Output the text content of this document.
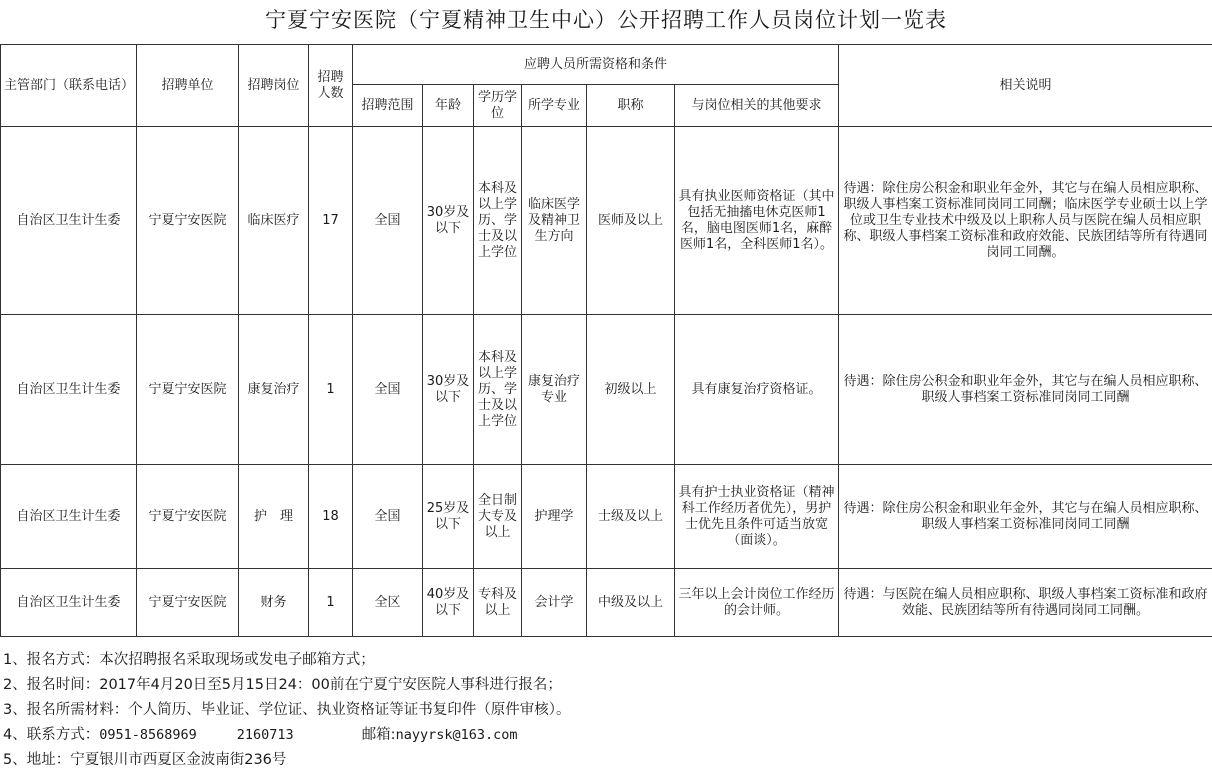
宁夏宁安医院（宁夏精神卫生中心）公开招聘工作人员岗位计划一览表
主管部门（联系电话）	招聘单位	招聘岗位	招聘人数	应聘人员所需资格和条件						相关说明
				招聘范围	年龄	学历学位	所学专业	职称	与岗位相关的其他要求	
自治区卫生计生委	宁夏宁安医院	临床医疗	17	全国	30岁及以下	本科及以上学历、学士及以上学位	临床医学及精神卫生方向	医师及以上	具有执业医师资格证（其中包括无抽搐电休克医师1名，脑电图医师1名，麻醉医师1名，全科医师1名）。	待遇：除住房公积金和职业年金外，其它与在编人员相应职称、职级人事档案工资标准同岗同工同酬；临床医学专业硕士以上学位或卫生专业技术中级及以上职称人员与医院在编人员相应职称、职级人事档案工资标准和政府效能、民族团结等所有待遇同岗同工同酬。
自治区卫生计生委	宁夏宁安医院	康复治疗	1	全国	30岁及以下	本科及以上学历、学士及以上学位	康复治疗专业	初级以上	具有康复治疗资格证。	待遇：除住房公积金和职业年金外，其它与在编人员相应职称、职级人事档案工资标准同岗同工同酬
自治区卫生计生委	宁夏宁安医院	护　理	18	全国	25岁及以下	全日制大专及以上	护理学	士级及以上	具有护士执业资格证（精神科工作经历者优先），男护士优先且条件可适当放宽（面谈）。	待遇：除住房公积金和职业年金外，其它与在编人员相应职称、职级人事档案工资标准同岗同工同酬
自治区卫生计生委	宁夏宁安医院	财务	1	全区	40岁及以下	专科及以上	会计学	中级及以上	三年以上会计岗位工作经历的会计师。	待遇：与医院在编人员相应职称、职级人事档案工资标准和政府效能、民族团结等所有待遇同岗同工同酬。
1、报名方式：本次招聘报名采取现场或发电子邮箱方式；
2、报名时间：2017年4月20日至5月15日24：00前在宁夏宁安医院人事科进行报名；
3、报名所需材料：个人简历、毕业证、学位证、执业资格证等证书复印件（原件审核）。
4、联系方式：0951-8568969	2160713	邮箱:nayyrsk@163.com
5、地址：宁夏银川市西夏区金波南街236号
